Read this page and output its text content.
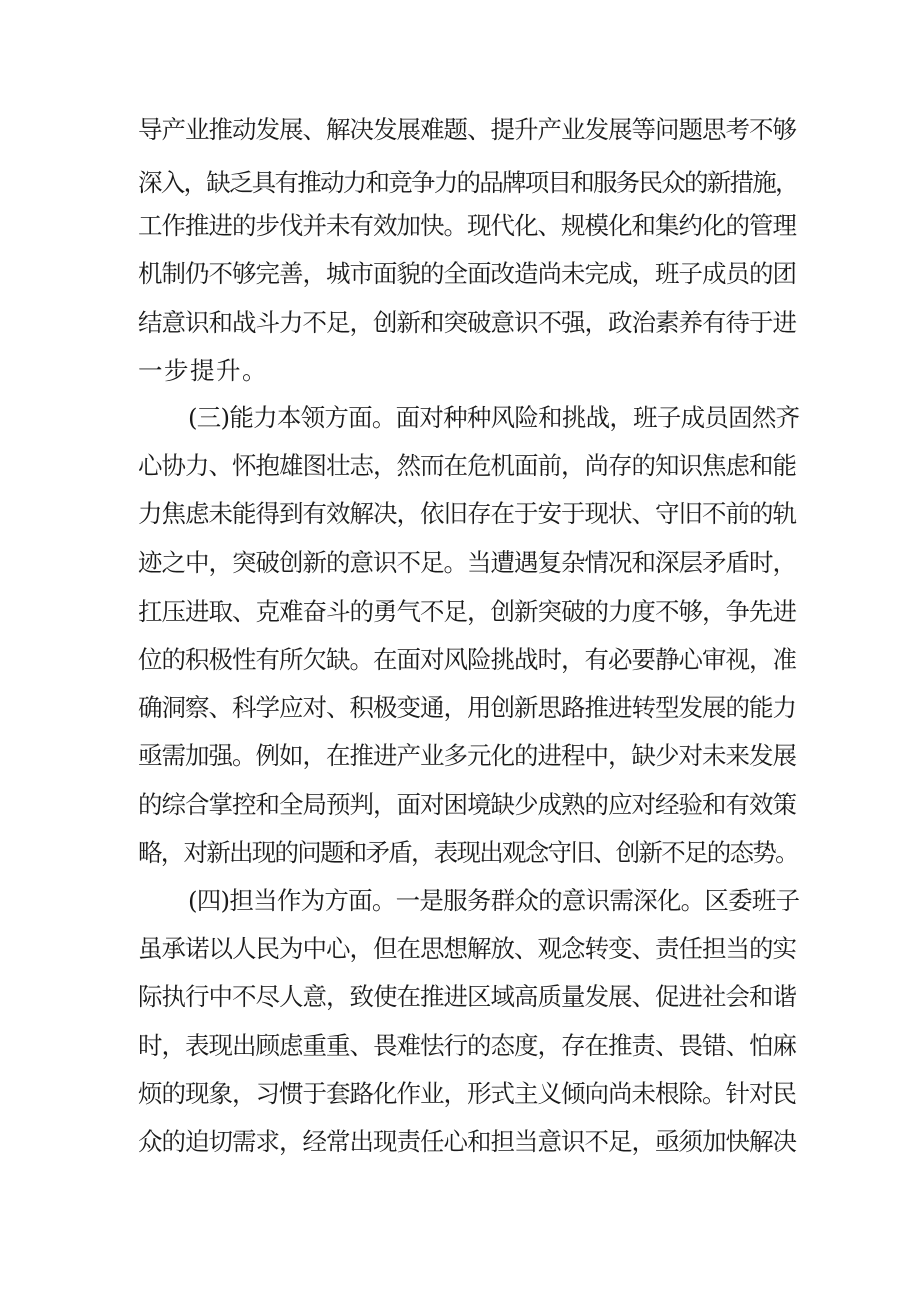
导产业推动发展、解决发展难题、提升产业发展等问题思考不够
深入，缺乏具有推动力和竞争力的品牌项目和服务民众的新措施，
工作推进的步伐并未有效加快。现代化、规模化和集约化的管理
机制仍不够完善，城市面貌的全面改造尚未完成，班子成员的团
结意识和战斗力不足，创新和突破意识不强，政治素养有待于进
一步提升。
(三)能力本领方面。面对种种风险和挑战，班子成员固然齐
心协力、怀抱雄图壮志，然而在危机面前，尚存的知识焦虑和能
力焦虑未能得到有效解决，依旧存在于安于现状、守旧不前的轨
迹之中，突破创新的意识不足。当遭遇复杂情况和深层矛盾时，
扛压进取、克难奋斗的勇气不足，创新突破的力度不够，争先进
位的积极性有所欠缺。在面对风险挑战时，有必要静心审视，准
确洞察、科学应对、积极变通，用创新思路推进转型发展的能力
亟需加强。例如，在推进产业多元化的进程中，缺少对未来发展
的综合掌控和全局预判，面对困境缺少成熟的应对经验和有效策
略，对新出现的问题和矛盾，表现出观念守旧、创新不足的态势。
(四)担当作为方面。一是服务群众的意识需深化。区委班子
虽承诺以人民为中心，但在思想解放、观念转变、责任担当的实
际执行中不尽人意，致使在推进区域高质量发展、促进社会和谐
时，表现出顾虑重重、畏难怯行的态度，存在推责、畏错、怕麻
烦的现象，习惯于套路化作业，形式主义倾向尚未根除。针对民
众的迫切需求，经常出现责任心和担当意识不足，亟须加快解决
